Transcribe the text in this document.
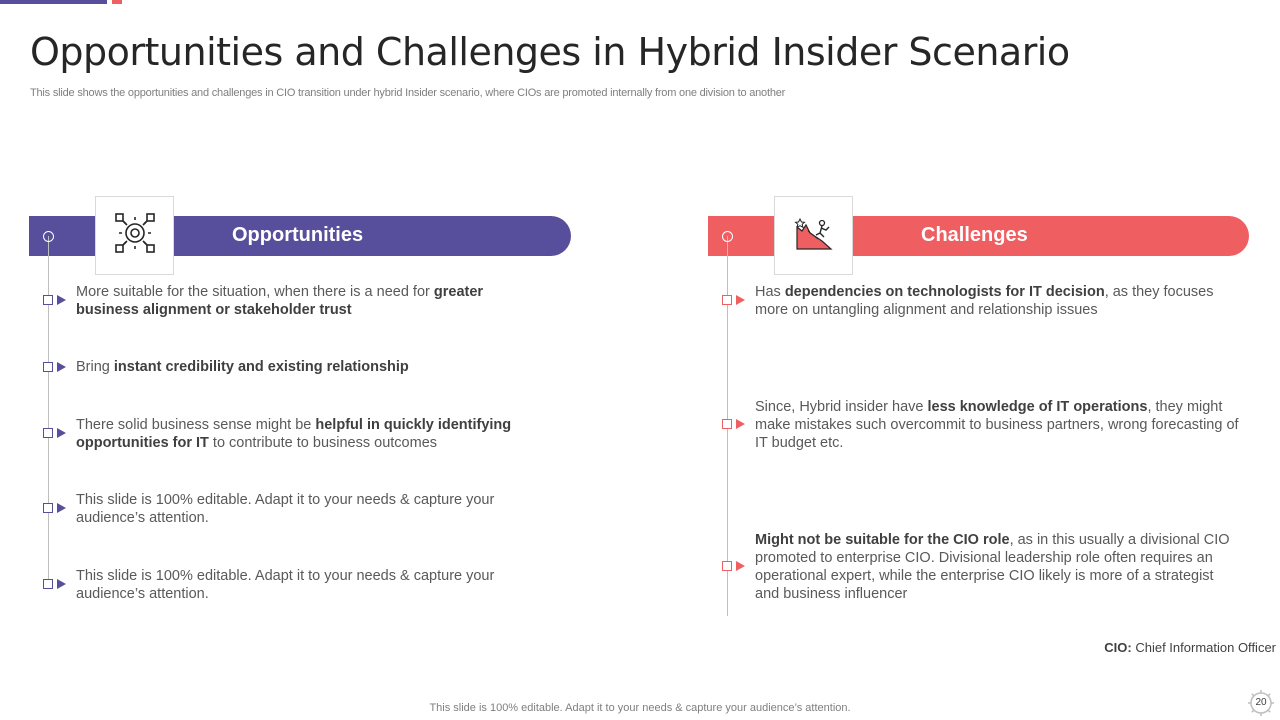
Opportunities and Challenges in Hybrid Insider Scenario
This slide shows the opportunities and challenges in CIO transition under hybrid Insider scenario, where CIOs are promoted internally from one division to another
Opportunities
More suitable for the situation, when there is a need for greater business alignment or stakeholder trust
Bring instant credibility and existing relationship
There solid business sense might be helpful in quickly identifying opportunities for IT to contribute to business outcomes
This slide is 100% editable. Adapt it to your needs & capture your audience’s attention.
This slide is 100% editable. Adapt it to your needs & capture your audience’s attention.
Challenges
Has dependencies on technologists for IT decision, as they focuses more on untangling alignment and relationship issues
Since, Hybrid insider have less knowledge of IT operations, they might make mistakes such overcommit to business partners, wrong forecasting of IT budget etc.
Might not be suitable for the CIO role, as in this usually a divisional CIO promoted to enterprise CIO. Divisional leadership role often requires an operational expert, while the enterprise CIO likely is more of a strategist and business influencer
CIO: Chief Information Officer
This slide is 100% editable. Adapt it to your needs & capture your audience’s attention.	20
